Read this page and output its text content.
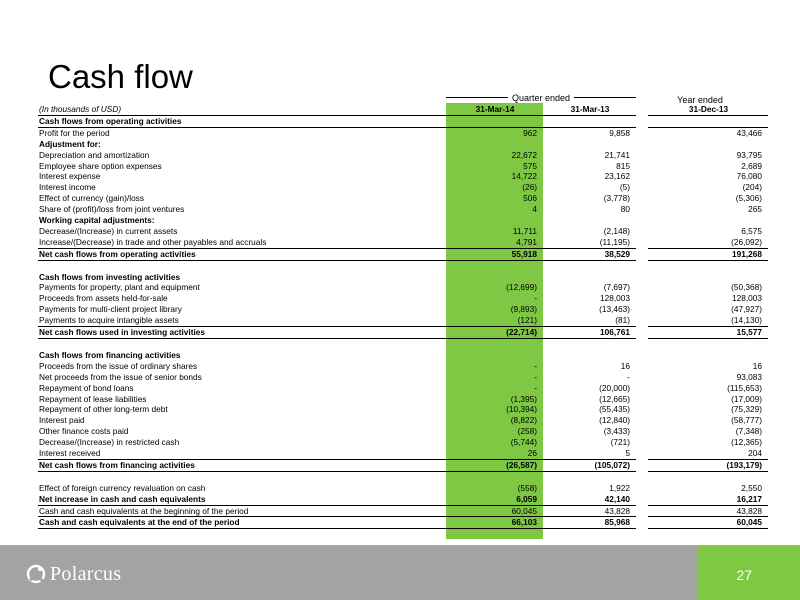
Cash flow
Quarter ended	Year ended
(In thousands of USD)	31-Mar-14	31-Mar-13		31-Dec-13
Cash flows from operating activities				
Profit for the period	962	9,858		43,466
Adjustment for:				
Depreciation and amortization	22,672	21,741		93,795
Employee share option expenses	575	815		2,689
Interest expense	14,722	23,162		76,080
Interest income	(26)	(5)		(204)
Effect of currency (gain)/loss	506	(3,778)		(5,306)
Share of (profit)/loss from joint ventures	4	80		265
Working capital adjustments:				
Decrease/(Increase) in current assets	11,711	(2,148)		6,575
Increase/(Decrease) in trade and other payables and accruals	4,791	(11,195)		(26,092)
Net cash flows from operating activities	55,918	38,529		191,268

Cash flows from investing activities				
Payments for property, plant and equipment	(12,699)	(7,697)		(50,368)
Proceeds from assets held-for-sale	-	128,003		128,003
Payments for multi-client project library	(9,893)	(13,463)		(47,927)
Payments to acquire intangible assets	(121)	(81)		(14,130)
Net cash flows used in investing activities	(22,714)	106,761		15,577

Cash flows from financing activities				
Proceeds from the issue of ordinary shares	-	16		16
Net proceeds from the issue of senior bonds	-	-		93,083
Repayment of bond loans	-	(20,000)		(115,653)
Repayment of lease liabilities	(1,395)	(12,665)		(17,009)
Repayment of other long-term debt	(10,394)	(55,435)		(75,329)
Interest paid	(8,822)	(12,840)		(58,777)
Other finance costs paid	(258)	(3,433)		(7,348)
Decrease/(Increase) in restricted cash	(5,744)	(721)		(12,365)
Interest received	26	5		204
Net cash flows from financing activities	(26,587)	(105,072)		(193,179)

Effect of foreign currency revaluation on cash	(558)	1,922		2,550
Net increase in cash and cash equivalents	6,059	42,140		16,217
Cash and cash equivalents at the beginning of the period	60,045	43,828		43,828
Cash and cash equivalents at the end of the period	66,103	85,968		60,045
Polarcus	27
